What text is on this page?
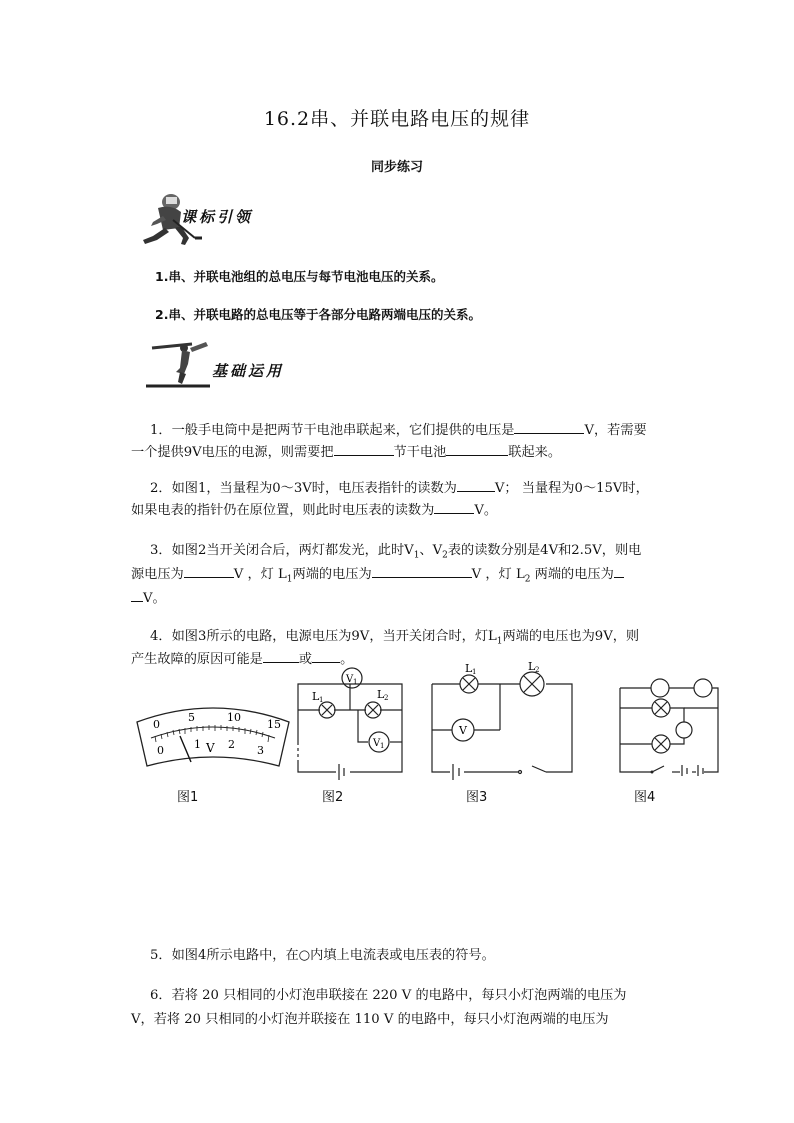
16.2串、并联电路电压的规律
同步练习
课标引领
1.串、并联电池组的总电压与每节电池电压的关系。
2.串、并联电路的总电压等于各部分电路两端电压的关系。
基础运用
1．一般手电筒中是把两节干电池串联起来，它们提供的电压是	V，若需要
一个提供9V电压的电源，则需要把	节干电池	联起来。
2．如图1，当量程为0～3V时，电压表指针的读数为	V； 当量程为0～15V时，
如果电表的指针仍在原位置，则此时电压表的读数为	V。
3．如图2当开关闭合后，两灯都发光，此时$V_1$、$V_2$表的读数分别是4V和2.5V，则电
源电压为	V ，灯 $L_1$两端的电压为	V ，灯 $L_2$ 两端的电压为
V。
4．如图3所示的电路，电源电压为9V，当开关闭合时，灯$L_1$两端的电压也为9V，则
产生故障的原因可能是	或 。
0
5	10
15
0	1 2 3
V
图1
L 1	L 2
V 1
V 1
图2
L 1	L 2
V
图3	图4
5．如图4所示电路中，在○内填上电流表或电压表的符号。
6．若将 20 只相同的小灯泡串联接在 220 V 的电路中，每只小灯泡两端的电压为
V，若将 20 只相同的小灯泡并联接在 110 V 的电路中，每只小灯泡两端的电压为
